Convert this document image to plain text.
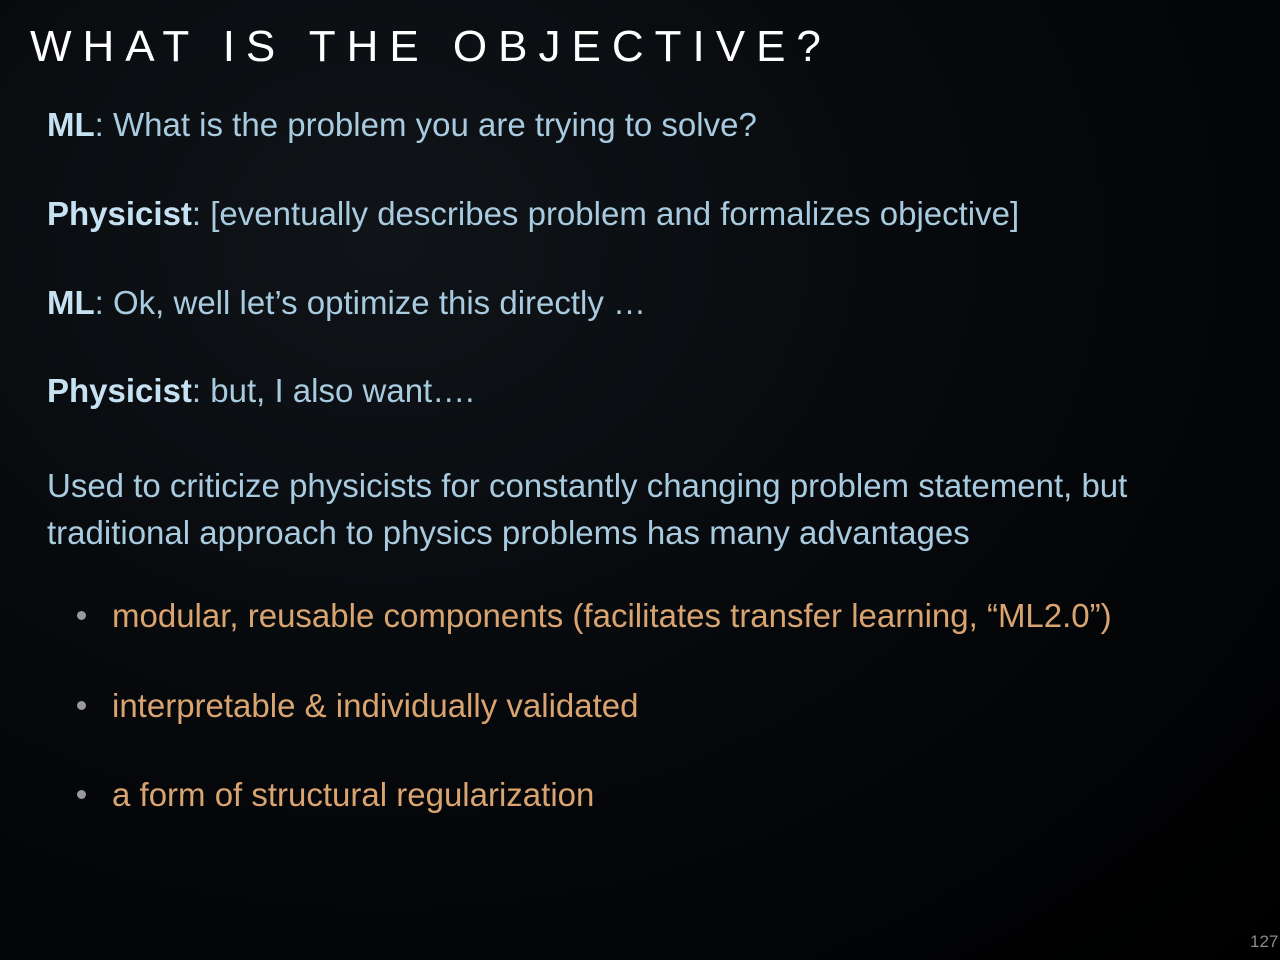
WHAT IS THE OBJECTIVE?

ML: What is the problem you are trying to solve?

Physicist: [eventually describes problem and formalizes objective]

ML: Ok, well let’s optimize this directly …

Physicist: but, I also want….

Used to criticize physicists for constantly changing problem statement, but
traditional approach to physics problems has many advantages

modular, reusable components (facilitates transfer learning, “ML2.0”)

interpretable & individually validated

a form of structural regularization

127
